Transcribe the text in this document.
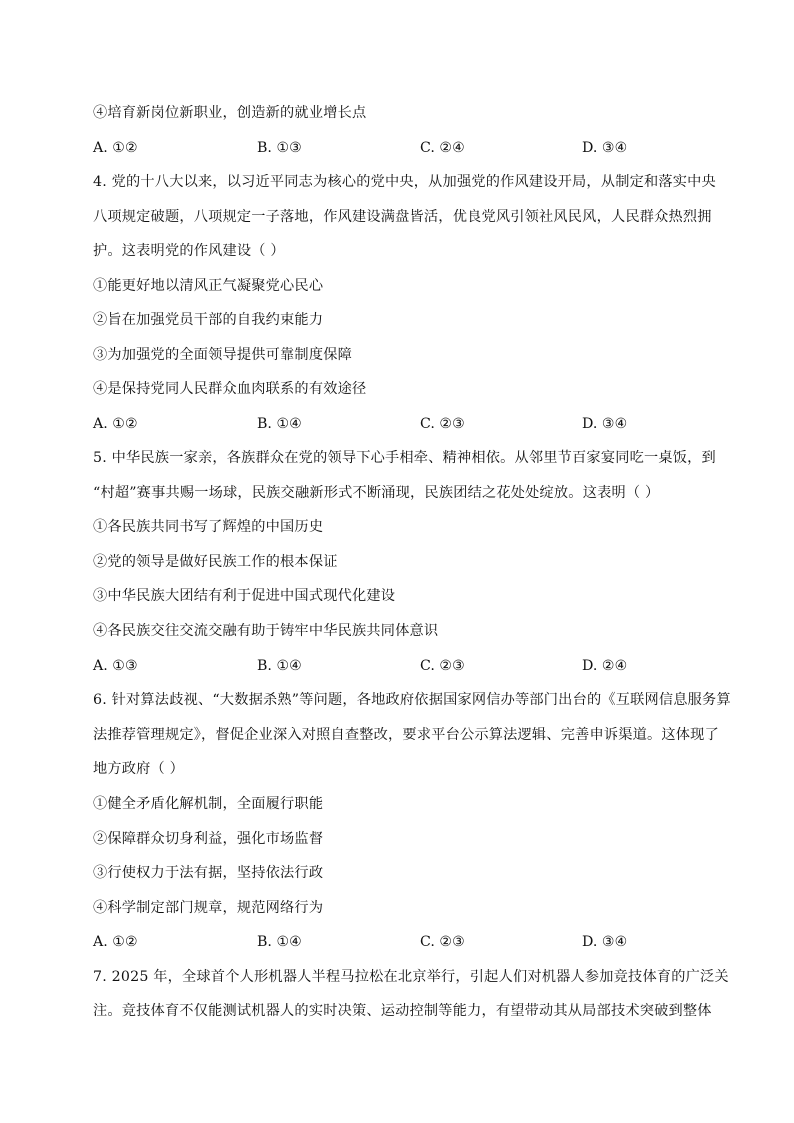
④培育新岗位新职业，创造新的就业增长点
A. ①②	B. ①③	C. ②④	D. ③④
4. 党的十八大以来，以习近平同志为核心的党中央，从加强党的作风建设开局，从制定和落实中央
八项规定破题，八项规定一子落地，作风建设满盘皆活，优良党风引领社风民风，人民群众热烈拥
护。这表明党的作风建设（ ）
①能更好地以清风正气凝聚党心民心
②旨在加强党员干部的自我约束能力
③为加强党的全面领导提供可靠制度保障
④是保持党同人民群众血肉联系的有效途径
A. ①②	B. ①④	C. ②③	D. ③④
5. 中华民族一家亲，各族群众在党的领导下心手相牵、精神相依。从邻里节百家宴同吃一桌饭，到
“村超”赛事共赐一场球，民族交融新形式不断涌现，民族团结之花处处绽放。这表明（ ）
①各民族共同书写了辉煌的中国历史
②党的领导是做好民族工作的根本保证
③中华民族大团结有利于促进中国式现代化建设
④各民族交往交流交融有助于铸牢中华民族共同体意识
A. ①③	B. ①④	C. ②③	D. ②④
6. 针对算法歧视、“大数据杀熟”等问题，各地政府依据国家网信办等部门出台的《互联网信息服务算
法推荐管理规定》，督促企业深入对照自查整改，要求平台公示算法逻辑、完善申诉渠道。这体现了
地方政府（ ）
①健全矛盾化解机制，全面履行职能
②保障群众切身利益，强化市场监督
③行使权力于法有据，坚持依法行政
④科学制定部门规章，规范网络行为
A. ①②	B. ①④	C. ②③	D. ③④
7. 2025 年，全球首个人形机器人半程马拉松在北京举行，引起人们对机器人参加竞技体育的广泛关
注。竞技体育不仅能测试机器人的实时决策、运动控制等能力，有望带动其从局部技术突破到整体
